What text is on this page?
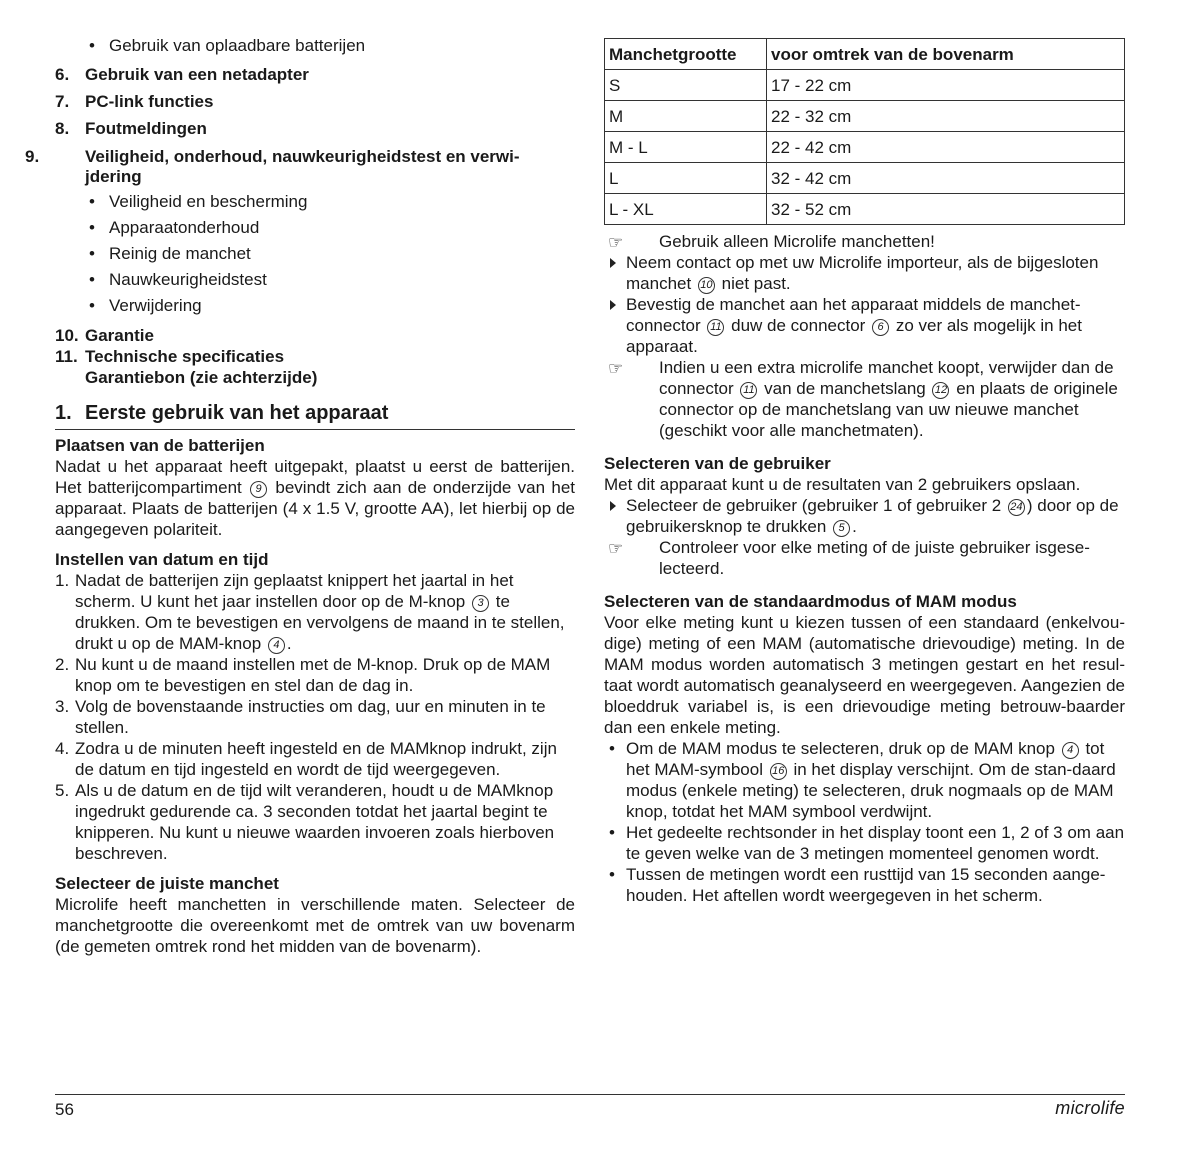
• Gebruik van oplaadbare batterijen
6. Gebruik van een netadapter
7. PC-link functies
8. Foutmeldingen
9.	Veiligheid, onderhoud, nauwkeurigheidstest en verwi-jdering
• Veiligheid en bescherming
• Apparaatonderhoud
• Reinig de manchet
• Nauwkeurigheidstest
• Verwijdering
10. Garantie
11. Technische specificaties
Garantiebon (zie achterzijde)
1. Eerste gebruik van het apparaat
Plaatsen van de batterijen

Nadat u het apparaat heeft uitgepakt, plaatst u eerst de batterijen. Het batterijcompartiment 9 bevindt zich aan de onderzijde van het apparaat. Plaats de batterijen (4 x 1.5 V, grootte AA), let hierbij op de aangegeven polariteit.

Instellen van datum en tijd
1. Nadat de batterijen zijn geplaatst knippert het jaartal in het scherm. U kunt het jaar instellen door op de M-knop 3 te drukken. Om te bevestigen en vervolgens de maand in te stellen, drukt u op de MAM-knop 4 .
2. Nu kunt u de maand instellen met de M-knop. Druk op de MAM knop om te bevestigen en stel dan de dag in.
3. Volg de bovenstaande instructies om dag, uur en minuten in te stellen.
4. Zodra u de minuten heeft ingesteld en de MAMknop indrukt, zijn de datum en tijd ingesteld en wordt de tijd weergegeven.
5. Als u de datum en de tijd wilt veranderen, houdt u de MAMknop ingedrukt gedurende ca. 3 seconden totdat het jaartal begint te knipperen. Nu kunt u nieuwe waarden invoeren zoals hierboven beschreven.
Selecteer de juiste manchet

Microlife heeft manchetten in verschillende maten. Selecteer de manchetgrootte die overeenkomt met de omtrek van uw bovenarm (de gemeten omtrek rond het midden van de bovenarm).

Manchetgrootte	voor omtrek van de bovenarm
S	17 - 22 cm
M	22 - 32 cm
M - L	22 - 42 cm
L	32 - 42 cm
L - XL	32 - 52 cm

☞ Gebruik alleen Microlife manchetten!

Neem contact op met uw Microlife importeur, als de bijgesloten manchet 10 niet past.

Bevestig de manchet aan het apparaat middels de manchet-connector 11 duw de connector 6 zo ver als mogelijk in het apparaat.

☞ Indien u een extra microlife manchet koopt, verwijder dan de connector 11 van de manchetslang 12 en plaats de originele connector op de manchetslang van uw nieuwe manchet (geschikt voor alle manchetmaten).

Selecteren van de gebruiker

Met dit apparaat kunt u de resultaten van 2 gebruikers opslaan.

Selecteer de gebruiker (gebruiker 1 of gebruiker 2 24 ) door op de gebruikersknop te drukken 5 .

☞ Controleer voor elke meting of de juiste gebruiker isgese-lecteerd.

Selecteren van de standaardmodus of MAM modus

Voor elke meting kunt u kiezen tussen of een standaard (enkelvou-dige) meting of een MAM (automatische drievoudige) meting. In de MAM modus worden automatisch 3 metingen gestart en het resul-taat wordt automatisch geanalyseerd en weergegeven. Aangezien de bloeddruk variabel is, is een drievoudige meting betrouw-baarder dan een enkele meting.

• Om de MAM modus te selecteren, druk op de MAM knop 4 tot het MAM-symbool 16 in het display verschijnt. Om de stan-daard modus (enkele meting) te selecteren, druk nogmaals op de MAM knop, totdat het MAM symbool verdwijnt.

• Het gedeelte rechtsonder in het display toont een 1, 2 of 3 om aan te geven welke van de 3 metingen momenteel genomen wordt.

• Tussen de metingen wordt een rusttijd van 15 seconden aange-houden. Het aftellen wordt weergegeven in het scherm.

56	microlife
